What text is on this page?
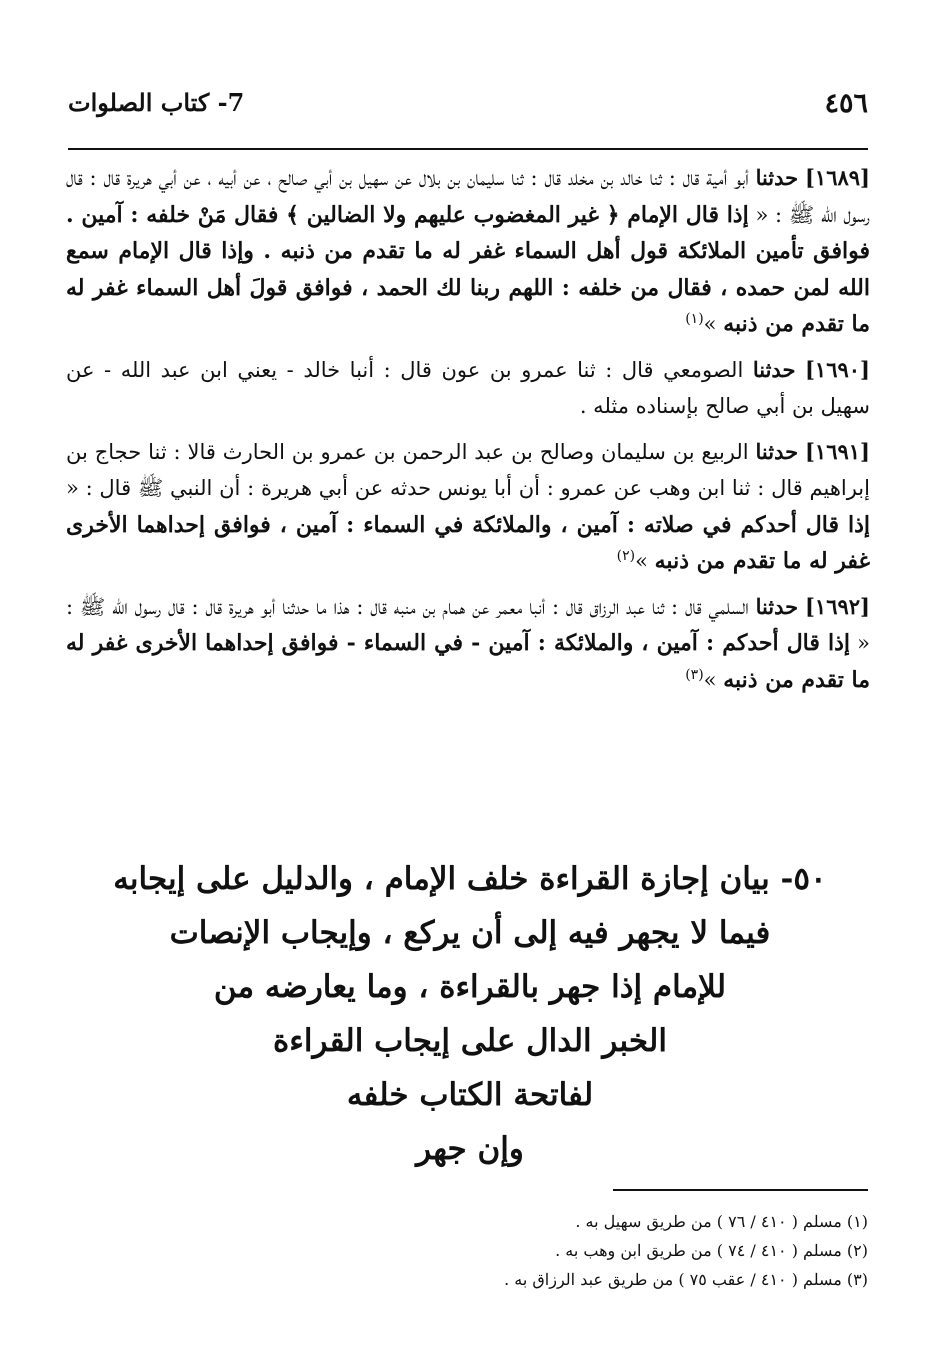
٤٥٦
7- كتاب الصلوات

[١٦٨٩] حدثنا أبو أمية قال : ثنا خالد بن مخلد قال : ثنا سليمان بن بلال عن سهيل بن أبي صالح ، عن أبيه ، عن أبي هريرة قال : قال رسول الله ﷺ : « إذا قال الإمام ﴿ غير المغضوب عليهم ولا الضالين ﴾ فقال مَنْ خلفه : آمين . فوافق تأمين الملائكة قول أهل السماء غفر له ما تقدم من ذنبه . وإذا قال الإمام سمع الله لمن حمده ، فقال من خلفه : اللهم ربنا لك الحمد ، فوافق قولَ أهل السماء غفر له ما تقدم من ذنبه »$^{(١)}$

[١٦٩٠] حدثنا الصومعي قال : ثنا عمرو بن عون قال : أنبا خالد - يعني ابن عبد الله - عن سهيل بن أبي صالح بإسناده مثله .

[١٦٩١] حدثنا الربيع بن سليمان وصالح بن عبد الرحمن بن عمرو بن الحارث قالا : ثنا حجاج بن إبراهيم قال : ثنا ابن وهب عن عمرو : أن أبا يونس حدثه عن أبي هريرة : أن النبي ﷺ قال : « إذا قال أحدكم في صلاته : آمين ، والملائكة في السماء : آمين ، فوافق إحداهما الأخرى غفر له ما تقدم من ذنبه »$^{(٢)}$

[١٦٩٢] حدثنا السلمي قال : ثنا عبد الرزاق قال : أنبا معمر عن همام بن منبه قال : هذا ما حدثنا أبو هريرة قال : قال رسول الله ﷺ : « إذا قال أحدكم : آمين ، والملائكة : آمين - في السماء - فوافق إحداهما الأخرى غفر له ما تقدم من ذنبه »$^{(٣)}$

٥٠- بيان إجازة القراءة خلف الإمام ، والدليل على إيجابه
فيما لا يجهر فيه إلى أن يركع ، وإيجاب الإنصات
للإمام إذا جهر بالقراءة ، وما يعارضه من
الخبر الدال على إيجاب القراءة
لفاتحة الكتاب خلفه
وإن جهر
(١) مسلم ( ٤١٠ / ٧٦ ) من طريق سهيل به .
(٢) مسلم ( ٤١٠ / ٧٤ ) من طريق ابن وهب به .
(٣) مسلم ( ٤١٠ / عقب ٧٥ ) من طريق عبد الرزاق به .
